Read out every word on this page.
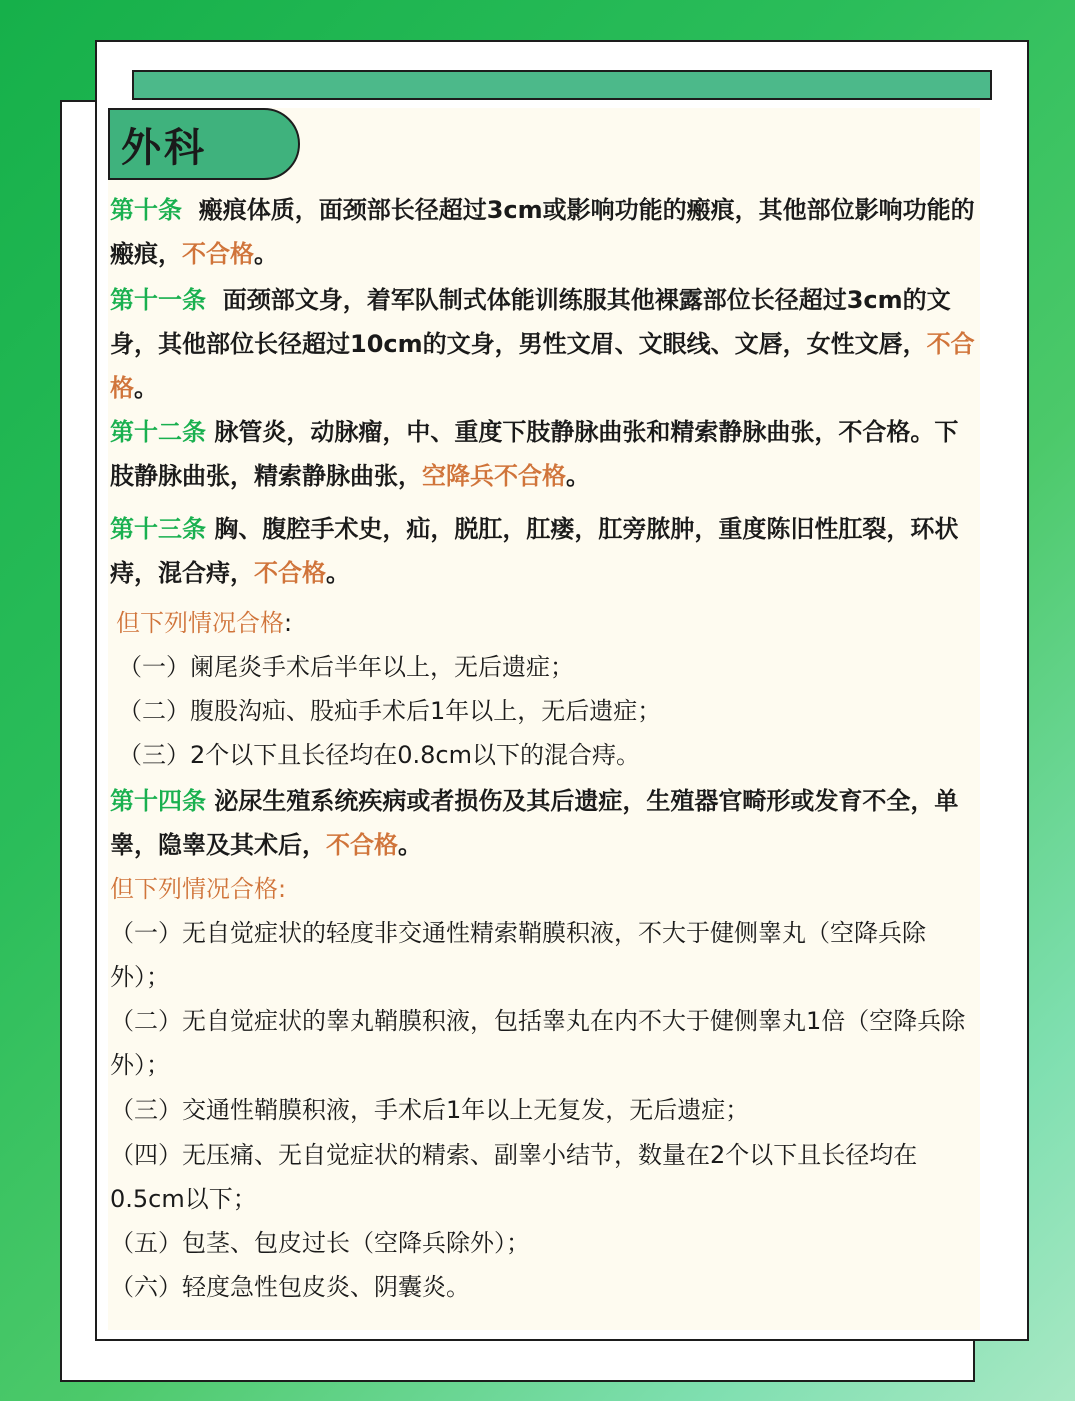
外科

第十条 瘢痕体质，面颈部长径超过3cm或影响功能的瘢痕，其他部位影响功能的瘢痕，不合格。

第十一条 面颈部文身，着军队制式体能训练服其他裸露部位长径超过3cm的文身，其他部位长径超过10cm的文身，男性文眉、文眼线、文唇，女性文唇，不合格。

第十二条 脉管炎，动脉瘤，中、重度下肢静脉曲张和精索静脉曲张，不合格。下肢静脉曲张，精索静脉曲张，空降兵不合格。

第十三条 胸、腹腔手术史，疝，脱肛，肛瘘，肛旁脓肿，重度陈旧性肛裂，环状痔，混合痔，不合格。

但下列情况合格:

（一）阑尾炎手术后半年以上，无后遗症；

（二）腹股沟疝、股疝手术后1年以上，无后遗症；

（三）2个以下且长径均在0.8cm以下的混合痔。

第十四条 泌尿生殖系统疾病或者损伤及其后遗症，生殖器官畸形或发育不全，单睾，隐睾及其术后，不合格。

但下列情况合格:

（一）无自觉症状的轻度非交通性精索鞘膜积液，不大于健侧睾丸（空降兵除外）；

（二）无自觉症状的睾丸鞘膜积液，包括睾丸在内不大于健侧睾丸1倍（空降兵除外）；

（三）交通性鞘膜积液，手术后1年以上无复发，无后遗症；

（四）无压痛、无自觉症状的精索、副睾小结节，数量在2个以下且长径均在0.5cm以下；

（五）包茎、包皮过长（空降兵除外）；

（六）轻度急性包皮炎、阴囊炎。
